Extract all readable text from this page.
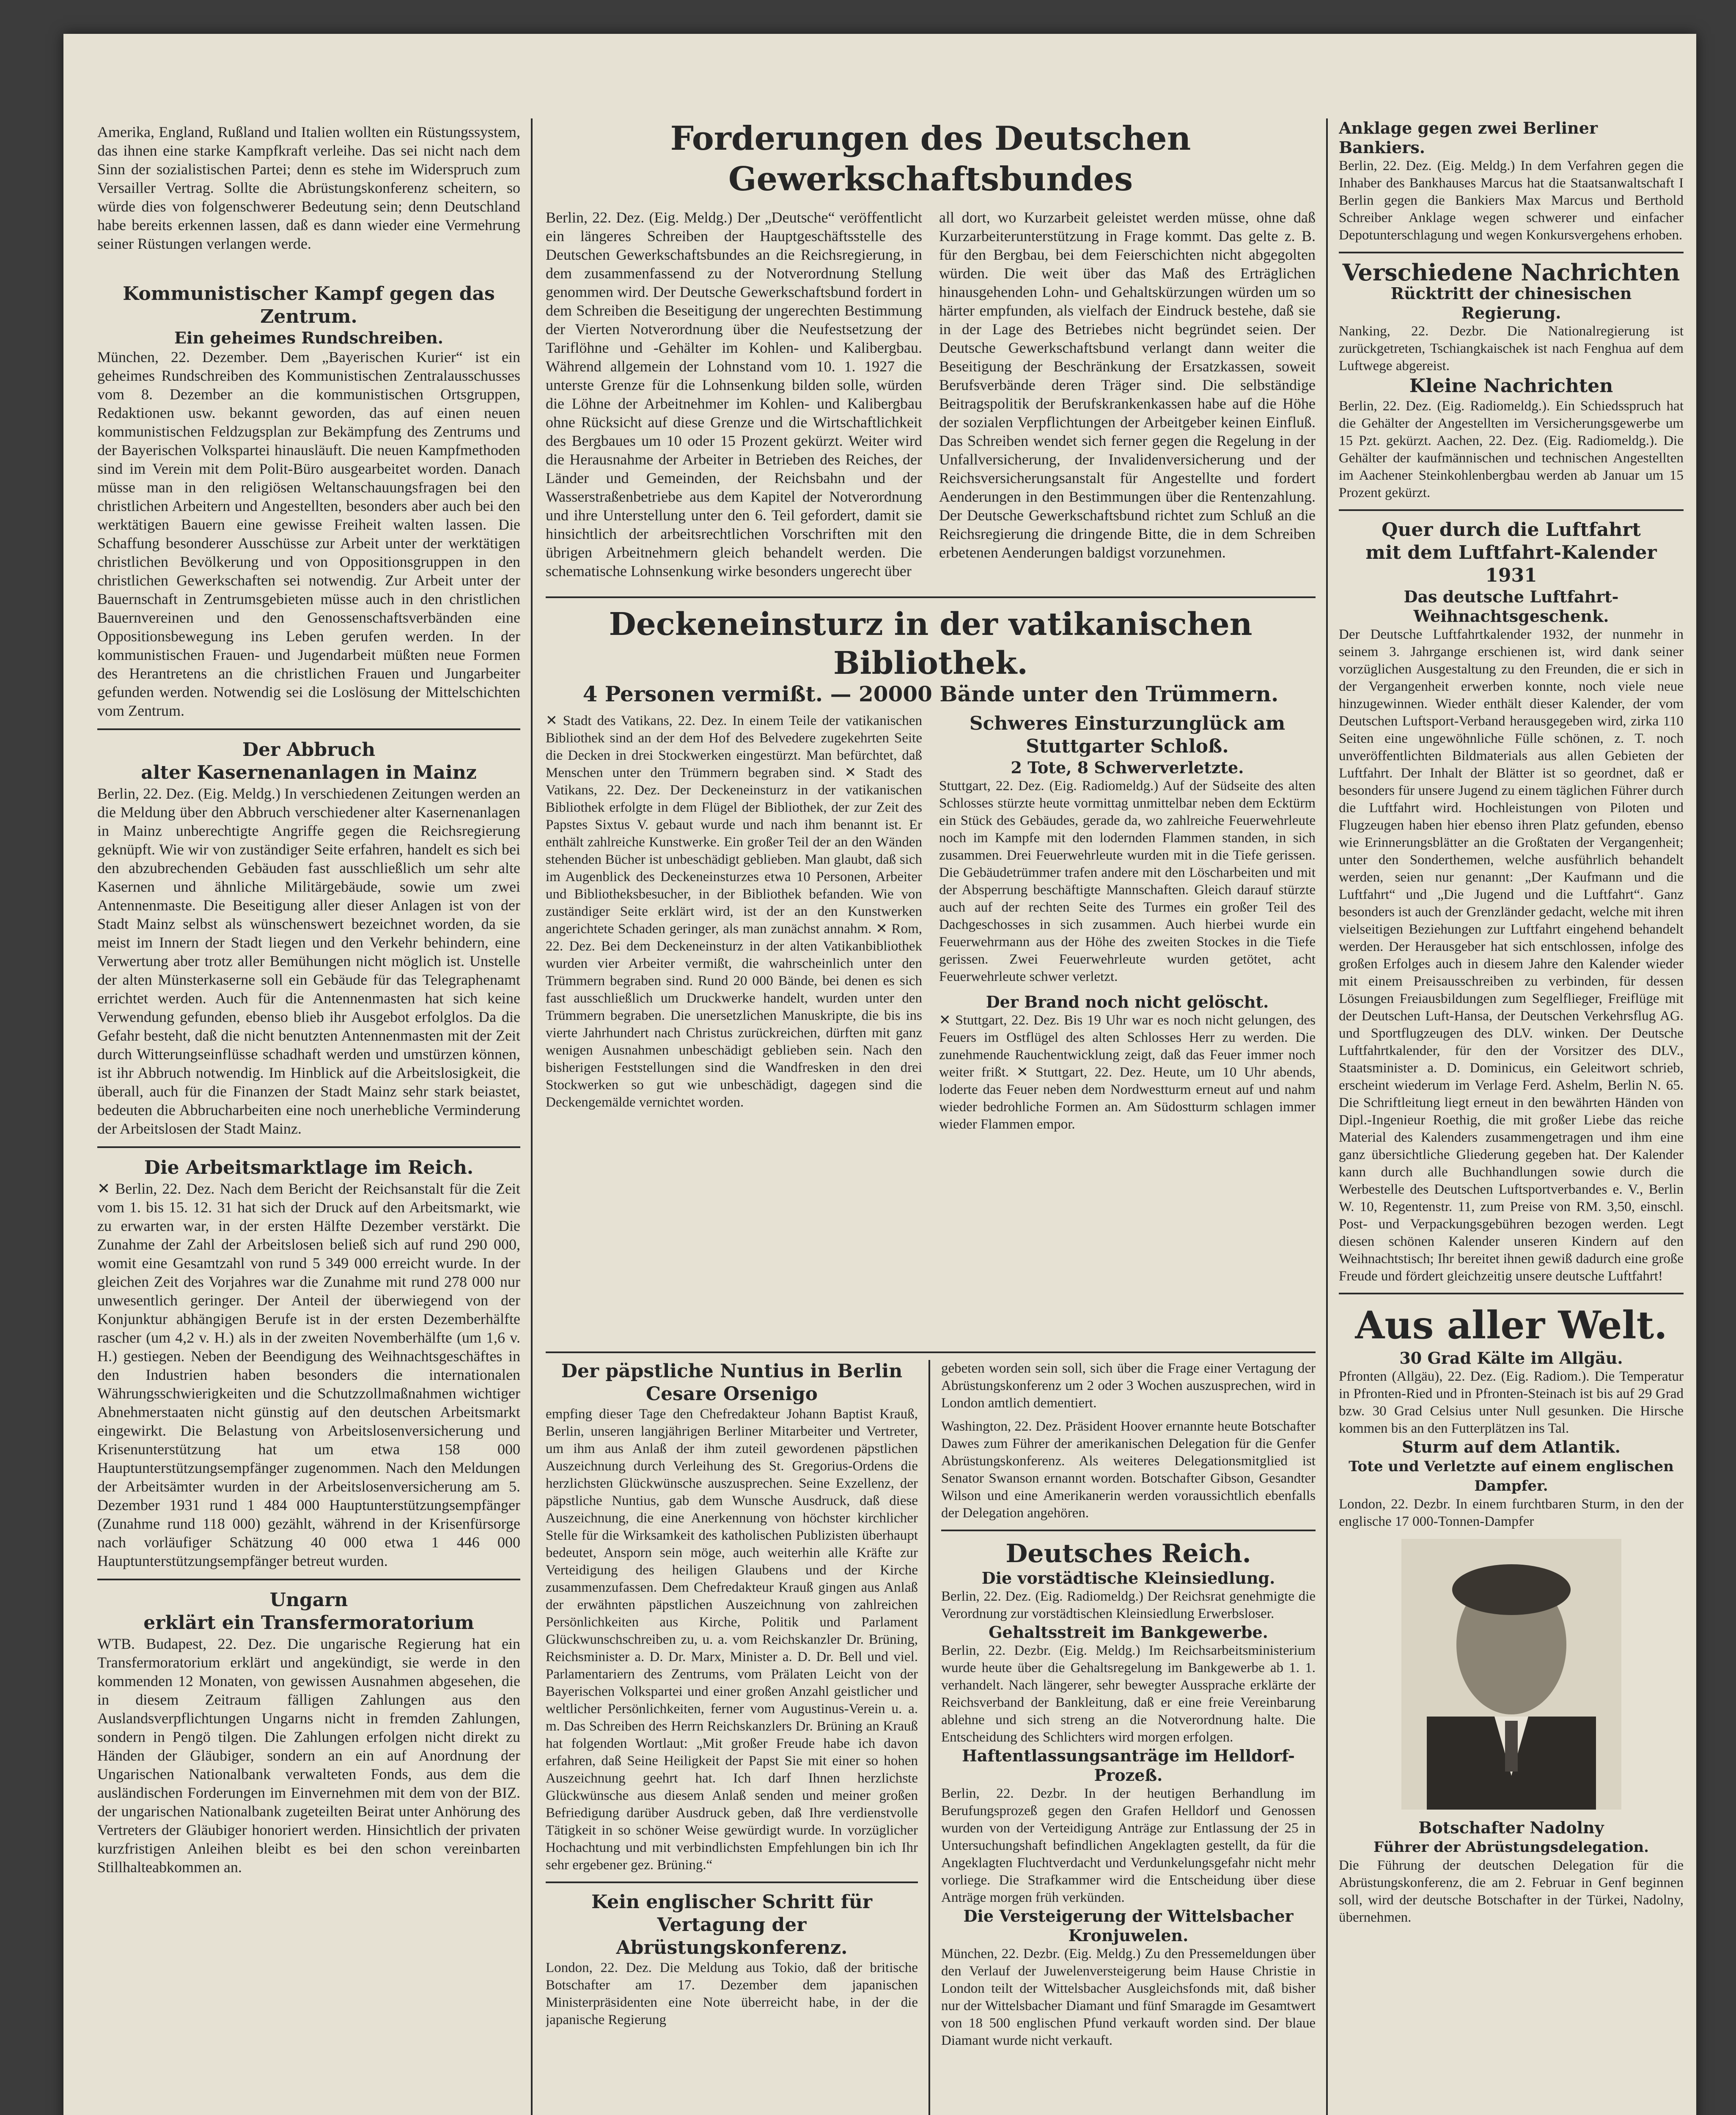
Amerika, England, Rußland und Italien wollten ein Rüstungssystem, das ihnen eine starke Kampfkraft verleihe. Das sei nicht nach dem Sinn der sozialistischen Partei; denn es stehe im Widerspruch zum Versailler Vertrag. Sollte die Abrüstungskonferenz scheitern, so würde dies von folgenschwerer Bedeutung sein; denn Deutschland habe bereits erkennen lassen, daß es dann wieder eine Vermehrung seiner Rüstungen verlangen werde.

Kommunistischer Kampf gegen das Zentrum.

Ein geheimes Rundschreiben.

München, 22. Dezember. Dem „Bayerischen Kurier“ ist ein geheimes Rundschreiben des Kommunistischen Zentralausschusses vom 8. Dezember an die kommunistischen Ortsgruppen, Redaktionen usw. bekannt geworden, das auf einen neuen kommunistischen Feldzugsplan zur Bekämpfung des Zentrums und der Bayerischen Volkspartei hinausläuft. Die neuen Kampfmethoden sind im Verein mit dem Polit-Büro ausgearbeitet worden. Danach müsse man in den religiösen Weltanschauungsfragen bei den christlichen Arbeitern und Angestellten, besonders aber auch bei den werktätigen Bauern eine gewisse Freiheit walten lassen. Die Schaffung besonderer Ausschüsse zur Arbeit unter der werktätigen christlichen Bevölkerung und von Oppositionsgruppen in den christlichen Gewerkschaften sei notwendig. Zur Arbeit unter der Bauernschaft in Zentrumsgebieten müsse auch in den christlichen Bauernvereinen und den Genossenschaftsverbänden eine Oppositionsbewegung ins Leben gerufen werden. In der kommunistischen Frauen- und Jugendarbeit müßten neue Formen des Herantretens an die christlichen Frauen und Jungarbeiter gefunden werden. Notwendig sei die Loslösung der Mittelschichten vom Zentrum.

Der Abbruch

alter Kasernenanlagen in Mainz

Berlin, 22. Dez. (Eig. Meldg.) In verschiedenen Zeitungen werden an die Meldung über den Abbruch verschiedener alter Kasernenanlagen in Mainz unberechtigte Angriffe gegen die Reichsregierung geknüpft. Wie wir von zuständiger Seite erfahren, handelt es sich bei den abzubrechenden Gebäuden fast ausschließlich um sehr alte Kasernen und ähnliche Militärgebäude, sowie um zwei Antennenmaste. Die Beseitigung aller dieser Anlagen ist von der Stadt Mainz selbst als wünschenswert bezeichnet worden, da sie meist im Innern der Stadt liegen und den Verkehr behindern, eine Verwertung aber trotz aller Bemühungen nicht möglich ist. Unstelle der alten Münsterkaserne soll ein Gebäude für das Telegraphenamt errichtet werden. Auch für die Antennenmasten hat sich keine Verwendung gefunden, ebenso blieb ihr Ausgebot erfolglos. Da die Gefahr besteht, daß die nicht benutzten Antennenmasten mit der Zeit durch Witterungseinflüsse schadhaft werden und umstürzen können, ist ihr Abbruch notwendig. Im Hinblick auf die Arbeitslosigkeit, die überall, auch für die Finanzen der Stadt Mainz sehr stark beiastet, bedeuten die Abbrucharbeiten eine noch unerhebliche Verminderung der Arbeitslosen der Stadt Mainz.

Die Arbeitsmarktlage im Reich.

✕ Berlin, 22. Dez. Nach dem Bericht der Reichsanstalt für die Zeit vom 1. bis 15. 12. 31 hat sich der Druck auf den Arbeitsmarkt, wie zu erwarten war, in der ersten Hälfte Dezember verstärkt. Die Zunahme der Zahl der Arbeitslosen beließ sich auf rund 290 000, womit eine Gesamtzahl von rund 5 349 000 erreicht wurde. In der gleichen Zeit des Vorjahres war die Zunahme mit rund 278 000 nur unwesentlich geringer. Der Anteil der überwiegend von der Konjunktur abhängigen Berufe ist in der ersten Dezemberhälfte rascher (um 4,2 v. H.) als in der zweiten Novemberhälfte (um 1,6 v. H.) gestiegen. Neben der Beendigung des Weihnachtsgeschäftes in den Industrien haben besonders die internationalen Währungsschwierigkeiten und die Schutzzollmaßnahmen wichtiger Abnehmerstaaten nicht günstig auf den deutschen Arbeitsmarkt eingewirkt. Die Belastung von Arbeitslosenversicherung und Krisenunterstützung hat um etwa 158 000 Hauptunterstützungsempfänger zugenommen. Nach den Meldungen der Arbeitsämter wurden in der Arbeitslosenversicherung am 5. Dezember 1931 rund 1 484 000 Hauptunterstützungsempfänger (Zunahme rund 118 000) gezählt, während in der Krisenfürsorge nach vorläufiger Schätzung 40 000 etwa 1 446 000 Hauptunterstützungsempfänger betreut wurden.

Ungarn

erklärt ein Transfermoratorium

WTB. Budapest, 22. Dez. Die ungarische Regierung hat ein Transfermoratorium erklärt und angekündigt, sie werde in den kommenden 12 Monaten, von gewissen Ausnahmen abgesehen, die in diesem Zeitraum fälligen Zahlungen aus den Auslandsverpflichtungen Ungarns nicht in fremden Zahlungen, sondern in Pengö tilgen. Die Zahlungen erfolgen nicht direkt zu Händen der Gläubiger, sondern an ein auf Anordnung der Ungarischen Nationalbank verwalteten Fonds, aus dem die ausländischen Forderungen im Einvernehmen mit dem von der BIZ. der ungarischen Nationalbank zugeteilten Beirat unter Anhörung des Vertreters der Gläubiger honoriert werden. Hinsichtlich der privaten kurzfristigen Anleihen bleibt es bei den schon vereinbarten Stillhalteabkommen an.

Forderungen des Deutschen Gewerkschaftsbundes

Berlin, 22. Dez. (Eig. Meldg.) Der „Deutsche“ veröffentlicht ein längeres Schreiben der Hauptgeschäftsstelle des Deutschen Gewerkschaftsbundes an die Reichsregierung, in dem zusammenfassend zu der Notverordnung Stellung genommen wird. Der Deutsche Gewerkschaftsbund fordert in dem Schreiben die Beseitigung der ungerechten Bestimmung der Vierten Notverordnung über die Neufestsetzung der Tariflöhne und -Gehälter im Kohlen- und Kalibergbau. Während allgemein der Lohnstand vom 10. 1. 1927 die unterste Grenze für die Lohnsenkung bilden solle, würden die Löhne der Arbeitnehmer im Kohlen- und Kalibergbau ohne Rücksicht auf diese Grenze und die Wirtschaftlichkeit des Bergbaues um 10 oder 15 Prozent gekürzt. Weiter wird die Herausnahme der Arbeiter in Betrieben des Reiches, der Länder und Gemeinden, der Reichsbahn und der Wasserstraßenbetriebe aus dem Kapitel der Notverordnung und ihre Unterstellung unter den 6. Teil gefordert, damit sie hinsichtlich der arbeitsrechtlichen Vorschriften mit den übrigen Arbeitnehmern gleich behandelt werden. Die schematische Lohnsenkung wirke besonders ungerecht über

all dort, wo Kurzarbeit geleistet werden müsse, ohne daß Kurzarbeiterunterstützung in Frage kommt. Das gelte z. B. für den Bergbau, bei dem Feierschichten nicht abgegolten würden. Die weit über das Maß des Erträglichen hinausgehenden Lohn- und Gehaltskürzungen würden um so härter empfunden, als vielfach der Eindruck bestehe, daß sie in der Lage des Betriebes nicht begründet seien. Der Deutsche Gewerkschaftsbund verlangt dann weiter die Beseitigung der Beschränkung der Ersatzkassen, soweit Berufsverbände deren Träger sind. Die selbständige Beitragspolitik der Berufskrankenkassen habe auf die Höhe der sozialen Verpflichtungen der Arbeitgeber keinen Einfluß. Das Schreiben wendet sich ferner gegen die Regelung in der Unfallversicherung, der Invalidenversicherung und der Reichsversicherungsanstalt für Angestellte und fordert Aenderungen in den Bestimmungen über die Rentenzahlung. Der Deutsche Gewerkschaftsbund richtet zum Schluß an die Reichsregierung die dringende Bitte, die in dem Schreiben erbetenen Aenderungen baldigst vorzunehmen.

Deckeneinsturz in der vatikanischen Bibliothek.

4 Personen vermißt. — 20000 Bände unter den Trümmern.

✕ Stadt des Vatikans, 22. Dez. In einem Teile der vatikanischen Bibliothek sind an der dem Hof des Belvedere zugekehrten Seite die Decken in drei Stockwerken eingestürzt. Man befürchtet, daß Menschen unter den Trümmern begraben sind. ✕ Stadt des Vatikans, 22. Dez. Der Deckeneinsturz in der vatikanischen Bibliothek erfolgte in dem Flügel der Bibliothek, der zur Zeit des Papstes Sixtus V. gebaut wurde und nach ihm benannt ist. Er enthält zahlreiche Kunstwerke. Ein großer Teil der an den Wänden stehenden Bücher ist unbeschädigt geblieben. Man glaubt, daß sich im Augenblick des Deckeneinsturzes etwa 10 Personen, Arbeiter und Bibliotheksbesucher, in der Bibliothek befanden. Wie von zuständiger Seite erklärt wird, ist der an den Kunstwerken angerichtete Schaden geringer, als man zunächst annahm. ✕ Rom, 22. Dez. Bei dem Deckeneinsturz in der alten Vatikanbibliothek wurden vier Arbeiter vermißt, die wahrscheinlich unter den Trümmern begraben sind. Rund 20 000 Bände, bei denen es sich fast ausschließlich um Druckwerke handelt, wurden unter den Trümmern begraben. Die unersetzlichen Manuskripte, die bis ins vierte Jahrhundert nach Christus zurückreichen, dürften mit ganz wenigen Ausnahmen unbeschädigt geblieben sein. Nach den bisherigen Feststellungen sind die Wandfresken in den drei Stockwerken so gut wie unbeschädigt, dagegen sind die Deckengemälde vernichtet worden.

Schweres Einsturzunglück am Stuttgarter Schloß.

2 Tote, 8 Schwerverletzte.

Stuttgart, 22. Dez. (Eig. Radiomeldg.) Auf der Südseite des alten Schlosses stürzte heute vormittag unmittelbar neben dem Ecktürm ein Stück des Gebäudes, gerade da, wo zahlreiche Feuerwehrleute noch im Kampfe mit den lodernden Flammen standen, in sich zusammen. Drei Feuerwehrleute wurden mit in die Tiefe gerissen. Die Gebäudetrümmer trafen andere mit den Löscharbeiten und mit der Absperrung beschäftigte Mannschaften. Gleich darauf stürzte auch auf der rechten Seite des Turmes ein großer Teil des Dachgeschosses in sich zusammen. Auch hierbei wurde ein Feuerwehrmann aus der Höhe des zweiten Stockes in die Tiefe gerissen. Zwei Feuerwehrleute wurden getötet, acht Feuerwehrleute schwer verletzt.

Der Brand noch nicht gelöscht.

✕ Stuttgart, 22. Dez. Bis 19 Uhr war es noch nicht gelungen, des Feuers im Ostflügel des alten Schlosses Herr zu werden. Die zunehmende Rauchentwicklung zeigt, daß das Feuer immer noch weiter frißt. ✕ Stuttgart, 22. Dez. Heute, um 10 Uhr abends, loderte das Feuer neben dem Nordwestturm erneut auf und nahm wieder bedrohliche Formen an. Am Südostturm schlagen immer wieder Flammen empor.

Der päpstliche Nuntius in Berlin Cesare Orsenigo

empfing dieser Tage den Chefredakteur Johann Baptist Krauß, Berlin, unseren langjährigen Berliner Mitarbeiter und Vertreter, um ihm aus Anlaß der ihm zuteil gewordenen päpstlichen Auszeichnung durch Verleihung des St. Gregorius-Ordens die herzlichsten Glückwünsche auszusprechen. Seine Exzellenz, der päpstliche Nuntius, gab dem Wunsche Ausdruck, daß diese Auszeichnung, die eine Anerkennung von höchster kirchlicher Stelle für die Wirksamkeit des katholischen Publizisten überhaupt bedeutet, Ansporn sein möge, auch weiterhin alle Kräfte zur Verteidigung des heiligen Glaubens und der Kirche zusammenzufassen. Dem Chefredakteur Krauß gingen aus Anlaß der erwähnten päpstlichen Auszeichnung von zahlreichen Persönlichkeiten aus Kirche, Politik und Parlament Glückwunschschreiben zu, u. a. vom Reichskanzler Dr. Brüning, Reichsminister a. D. Dr. Marx, Minister a. D. Dr. Bell und viel. Parlamentariern des Zentrums, vom Prälaten Leicht von der Bayerischen Volkspartei und einer großen Anzahl geistlicher und weltlicher Persönlichkeiten, ferner vom Augustinus-Verein u. a. m. Das Schreiben des Herrn Reichskanzlers Dr. Brüning an Krauß hat folgenden Wortlaut: „Mit großer Freude habe ich davon erfahren, daß Seine Heiligkeit der Papst Sie mit einer so hohen Auszeichnung geehrt hat. Ich darf Ihnen herzlichste Glückwünsche aus diesem Anlaß senden und meiner großen Befriedigung darüber Ausdruck geben, daß Ihre verdienstvolle Tätigkeit in so schöner Weise gewürdigt wurde. In vorzüglicher Hochachtung und mit verbindlichsten Empfehlungen bin ich Ihr sehr ergebener gez. Brüning.“

Kein englischer Schritt für Vertagung der Abrüstungskonferenz.

London, 22. Dez. Die Meldung aus Tokio, daß der britische Botschafter am 17. Dezember dem japanischen Ministerpräsidenten eine Note überreicht habe, in der die japanische Regierung

gebeten worden sein soll, sich über die Frage einer Vertagung der Abrüstungskonferenz um 2 oder 3 Wochen auszusprechen, wird in London amtlich dementiert.

Washington, 22. Dez. Präsident Hoover ernannte heute Botschafter Dawes zum Führer der amerikanischen Delegation für die Genfer Abrüstungskonferenz. Als weiteres Delegationsmitglied ist Senator Swanson ernannt worden. Botschafter Gibson, Gesandter Wilson und eine Amerikanerin werden voraussichtlich ebenfalls der Delegation angehören.

Deutsches Reich.

Die vorstädtische Kleinsiedlung.

Berlin, 22. Dez. (Eig. Radiomeldg.) Der Reichsrat genehmigte die Verordnung zur vorstädtischen Kleinsiedlung Erwerbsloser.

Gehaltsstreit im Bankgewerbe.

Berlin, 22. Dezbr. (Eig. Meldg.) Im Reichsarbeitsministerium wurde heute über die Gehaltsregelung im Bankgewerbe ab 1. 1. verhandelt. Nach längerer, sehr bewegter Aussprache erklärte der Reichsverband der Bankleitung, daß er eine freie Vereinbarung ablehne und sich streng an die Notverordnung halte. Die Entscheidung des Schlichters wird morgen erfolgen.

Haftentlassungsanträge im Helldorf-Prozeß.

Berlin, 22. Dezbr. In der heutigen Berhandlung im Berufungsprozeß gegen den Grafen Helldorf und Genossen wurden von der Verteidigung Anträge zur Entlassung der 25 in Untersuchungshaft befindlichen Angeklagten gestellt, da für die Angeklagten Fluchtverdacht und Verdunkelungsgefahr nicht mehr vorliege. Die Strafkammer wird die Entscheidung über diese Anträge morgen früh verkünden.

Die Versteigerung der Wittelsbacher Kronjuwelen.

München, 22. Dezbr. (Eig. Meldg.) Zu den Pressemeldungen über den Verlauf der Juwelenversteigerung beim Hause Christie in London teilt der Wittelsbacher Ausgleichsfonds mit, daß bisher nur der Wittelsbacher Diamant und fünf Smaragde im Gesamtwert von 18 500 englischen Pfund verkauft worden sind. Der blaue Diamant wurde nicht verkauft.

Anklage gegen zwei Berliner Bankiers.

Berlin, 22. Dez. (Eig. Meldg.) In dem Verfahren gegen die Inhaber des Bankhauses Marcus hat die Staatsanwaltschaft I Berlin gegen die Bankiers Max Marcus und Berthold Schreiber Anklage wegen schwerer und einfacher Depotunterschlagung und wegen Konkursvergehens erhoben.

Verschiedene Nachrichten

Rücktritt der chinesischen Regierung.

Nanking, 22. Dezbr. Die Nationalregierung ist zurückgetreten, Tschiangkaischek ist nach Fenghua auf dem Luftwege abgereist.

Kleine Nachrichten

Berlin, 22. Dez. (Eig. Radiomeldg.). Ein Schiedsspruch hat die Gehälter der Angestellten im Versicherungsgewerbe um 15 Pzt. gekürzt. Aachen, 22. Dez. (Eig. Radiomeldg.). Die Gehälter der kaufmännischen und technischen Angestellten im Aachener Steinkohlenbergbau werden ab Januar um 15 Prozent gekürzt.

Quer durch die Luftfahrt

mit dem Luftfahrt-Kalender 1931

Das deutsche Luftfahrt-Weihnachtsgeschenk.

Der Deutsche Luftfahrtkalender 1932, der nunmehr in seinem 3. Jahrgange erschienen ist, wird dank seiner vorzüglichen Ausgestaltung zu den Freunden, die er sich in der Vergangenheit erwerben konnte, noch viele neue hinzugewinnen. Wieder enthält dieser Kalender, der vom Deutschen Luftsport-Verband herausgegeben wird, zirka 110 Seiten eine ungewöhnliche Fülle schönen, z. T. noch unveröffentlichten Bildmaterials aus allen Gebieten der Luftfahrt. Der Inhalt der Blätter ist so geordnet, daß er besonders für unsere Jugend zu einem täglichen Führer durch die Luftfahrt wird. Hochleistungen von Piloten und Flugzeugen haben hier ebenso ihren Platz gefunden, ebenso wie Erinnerungsblätter an die Großtaten der Vergangenheit; unter den Sonderthemen, welche ausführlich behandelt werden, seien nur genannt: „Der Kaufmann und die Luftfahrt“ und „Die Jugend und die Luftfahrt“. Ganz besonders ist auch der Grenzländer gedacht, welche mit ihren vielseitigen Beziehungen zur Luftfahrt eingehend behandelt werden. Der Herausgeber hat sich entschlossen, infolge des großen Erfolges auch in diesem Jahre den Kalender wieder mit einem Preisausschreiben zu verbinden, für dessen Lösungen Freiausbildungen zum Segelflieger, Freiflüge mit der Deutschen Luft-Hansa, der Deutschen Verkehrsflug AG. und Sportflugzeugen des DLV. winken. Der Deutsche Luftfahrtkalender, für den der Vorsitzer des DLV., Staatsminister a. D. Dominicus, ein Geleitwort schrieb, erscheint wiederum im Verlage Ferd. Ashelm, Berlin N. 65. Die Schriftleitung liegt erneut in den bewährten Händen von Dipl.-Ingenieur Roethig, die mit großer Liebe das reiche Material des Kalenders zusammengetragen und ihm eine ganz übersichtliche Gliederung gegeben hat. Der Kalender kann durch alle Buchhandlungen sowie durch die Werbestelle des Deutschen Luftsportverbandes e. V., Berlin W. 10, Regentenstr. 11, zum Preise von RM. 3,50, einschl. Post- und Verpackungsgebühren bezogen werden. Legt diesen schönen Kalender unseren Kindern auf den Weihnachtstisch; Ihr bereitet ihnen gewiß dadurch eine große Freude und fördert gleichzeitig unsere deutsche Luftfahrt!

Aus aller Welt.

30 Grad Kälte im Allgäu.

Pfronten (Allgäu), 22. Dez. (Eig. Radiom.). Die Temperatur in Pfronten-Ried und in Pfronten-Steinach ist bis auf 29 Grad bzw. 30 Grad Celsius unter Null gesunken. Die Hirsche kommen bis an den Futterplätzen ins Tal.

Sturm auf dem Atlantik.

Tote und Verletzte auf einem englischen Dampfer.

London, 22. Dezbr. In einem furchtbaren Sturm, in den der englische 17 000-Tonnen-Dampfer

Botschafter Nadolny

Führer der Abrüstungsdelegation.

Die Führung der deutschen Delegation für die Abrüstungskonferenz, die am 2. Februar in Genf beginnen soll, wird der deutsche Botschafter in der Türkei, Nadolny, übernehmen.
